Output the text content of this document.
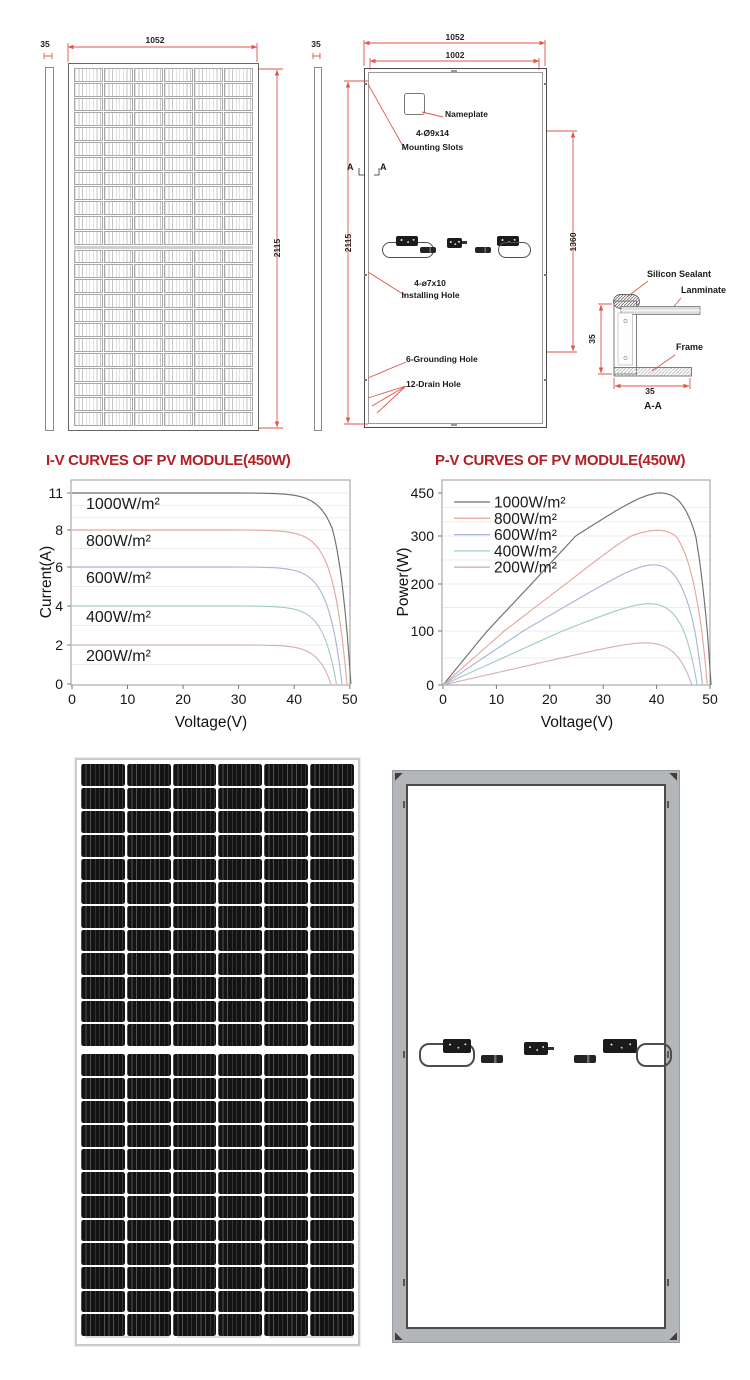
35	1052
2115
35
1052
1002
2115	1360
Nameplate
4-Ø9x14
Mounting Slots
4-ø7x10
Installing Hole
6-Grounding Hole
12-Drain Hole
A	A
Silicon Sealant
Lanminate
Frame
35
35
A-A
I-V CURVES OF PV MODULE(450W)
Current(A)
Voltage(V)
0	10	20	30	40	50
0
2
4
6
8
11
1000W/m²
800W/m²
600W/m²
400W/m²
200W/m²
P-V CURVES OF PV MODULE(450W)
Power(W)
Voltage(V)
0	10	20	30	40	50
0
100
200
300
450
1000W/m²
800W/m²
600W/m²
400W/m²
200W/m²
